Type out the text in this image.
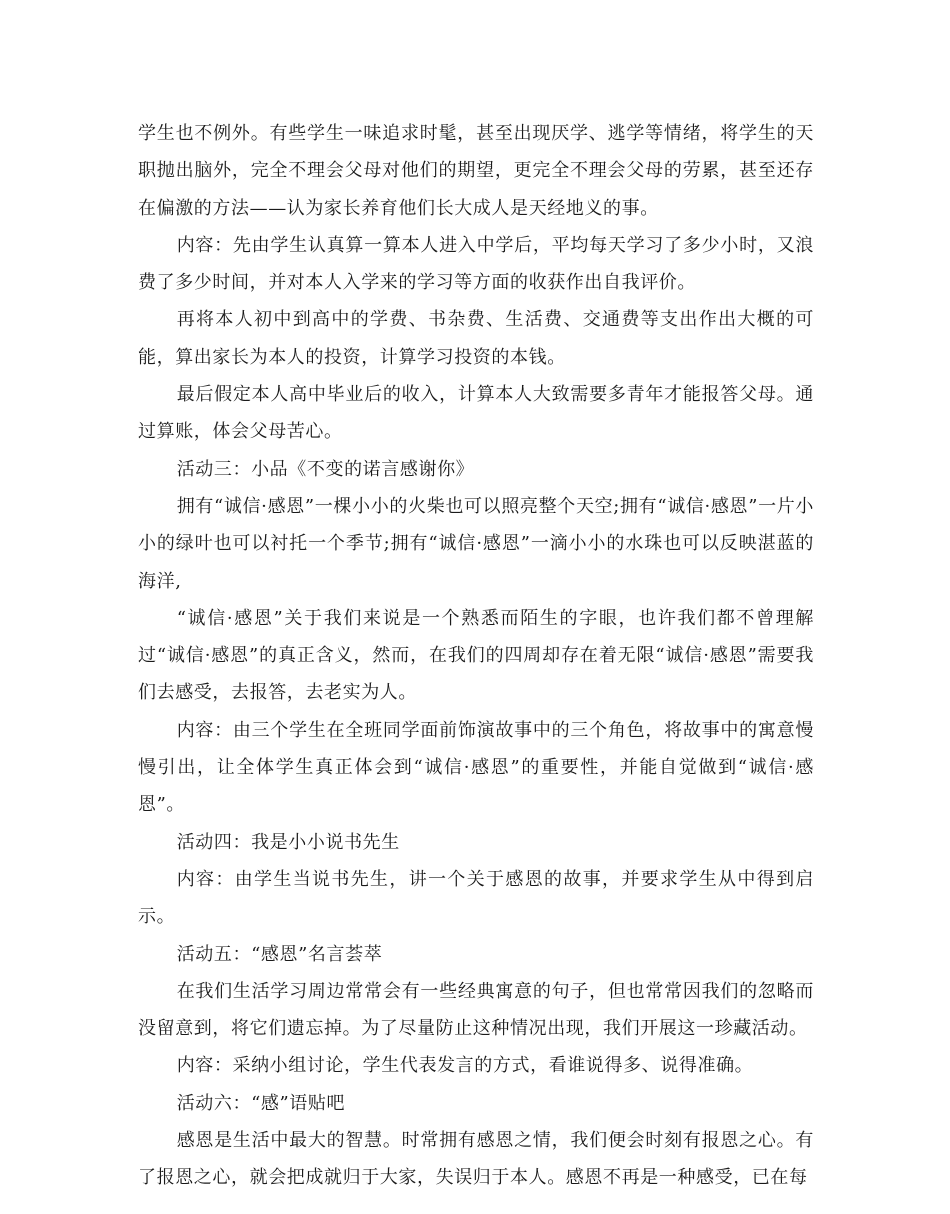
学生也不例外。有些学生一味追求时髦，甚至出现厌学、逃学等情绪，将学生的天职抛出脑外，完全不理会父母对他们的期望，更完全不理会父母的劳累，甚至还存在偏激的方法——认为家长养育他们长大成人是天经地义的事。

内容：先由学生认真算一算本人进入中学后，平均每天学习了多少小时，又浪费了多少时间，并对本人入学来的学习等方面的收获作出自我评价。

再将本人初中到高中的学费、书杂费、生活费、交通费等支出作出大概的可能，算出家长为本人的投资，计算学习投资的本钱。

最后假定本人高中毕业后的收入，计算本人大致需要多青年才能报答父母。通过算账，体会父母苦心。

活动三：小品《不变的诺言感谢你》

拥有“诚信·感恩”一棵小小的火柴也可以照亮整个天空;拥有“诚信·感恩”一片小小的绿叶也可以衬托一个季节;拥有“诚信·感恩”一滴小小的水珠也可以反映湛蓝的海洋,

“诚信·感恩”关于我们来说是一个熟悉而陌生的字眼，也许我们都不曾理解过“诚信·感恩”的真正含义，然而，在我们的四周却存在着无限“诚信·感恩”需要我们去感受，去报答，去老实为人。

内容：由三个学生在全班同学面前饰演故事中的三个角色，将故事中的寓意慢慢引出，让全体学生真正体会到“诚信·感恩”的重要性，并能自觉做到“诚信·感恩”。

活动四：我是小小说书先生

内容：由学生当说书先生，讲一个关于感恩的故事，并要求学生从中得到启示。

活动五：“感恩”名言荟萃

在我们生活学习周边常常会有一些经典寓意的句子，但也常常因我们的忽略而没留意到，将它们遗忘掉。为了尽量防止这种情况出现，我们开展这一珍藏活动。

内容：采纳小组讨论，学生代表发言的方式，看谁说得多、说得准确。

活动六：“感”语贴吧

感恩是生活中最大的智慧。时常拥有感恩之情，我们便会时刻有报恩之心。有了报恩之心，就会把成就归于大家，失误归于本人。感恩不再是一种感受，已在每
